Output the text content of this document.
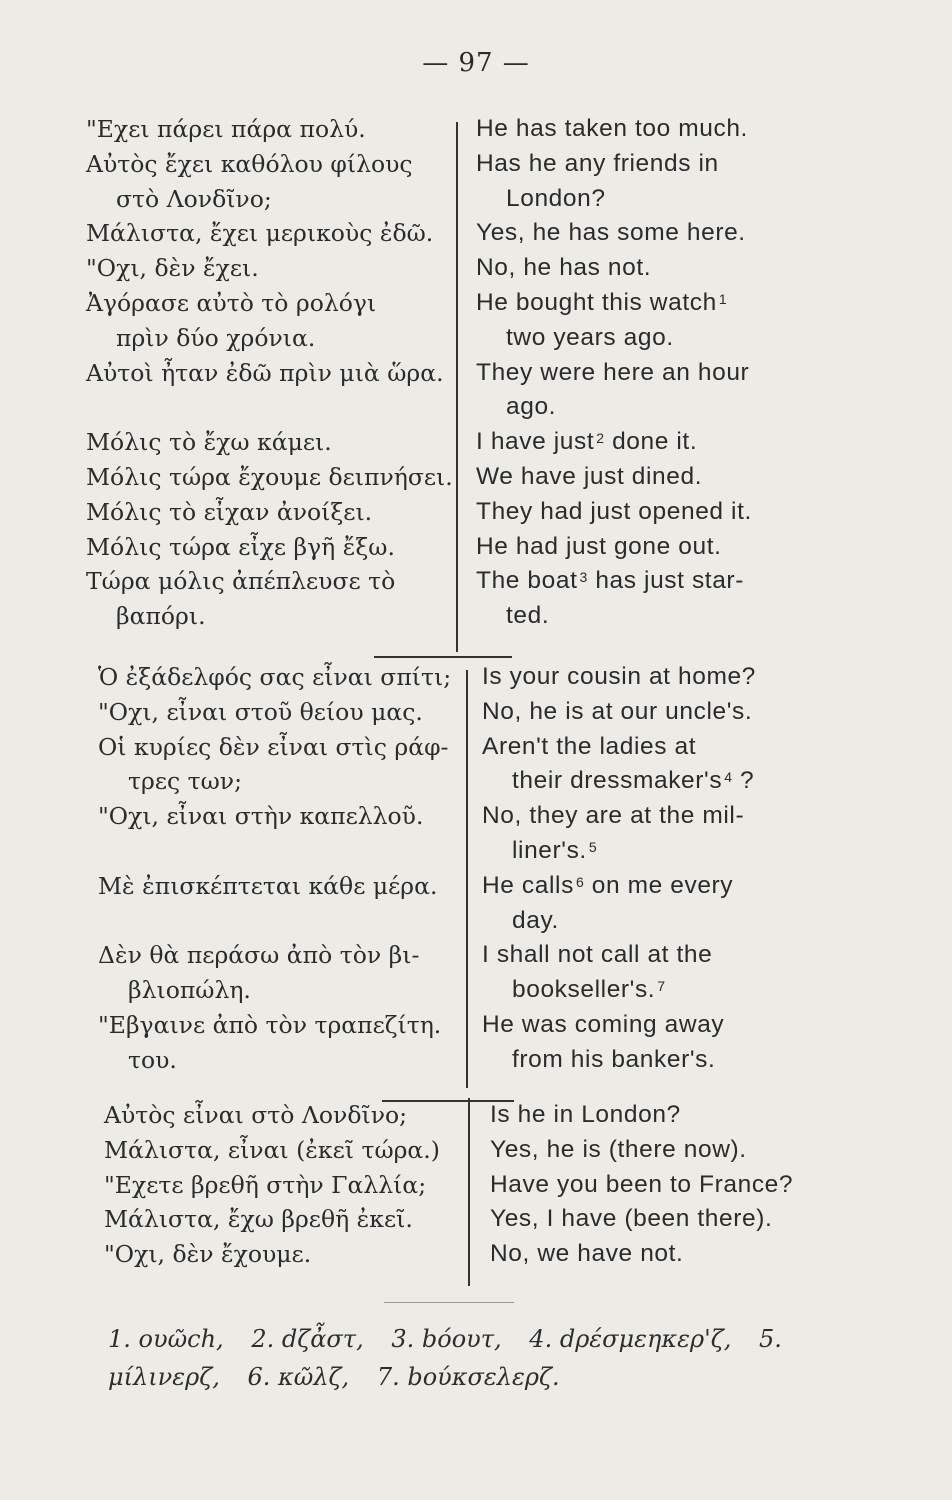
— 97 —
"Εχει πάρει πάρα πολύ.
Αὐτὸς ἔχει καθόλου φίλους
στὸ Λονδῖνο;
Μάλιστα, ἔχει μερικοὺς ἐδῶ.
"Οχι, δὲν ἔχει.
Ἀγόρασε αὐτὸ τὸ ρολόγι
πρὶν δύο χρόνια.
Αὐτοὶ ἦταν ἐδῶ πρὶν μιὰ ὥρα.
Μόλις τὸ ἔχω κάμει.
Μόλις τώρα ἔχουμε δειπνήσει.
Μόλις τὸ εἶχαν ἀνοίξει.
Μόλις τώρα εἶχε βγῆ ἔξω.
Τώρα μόλις ἀπέπλευσε τὸ
βαπόρι.
He has taken too much.
Has he any friends in
London?
Yes, he has some here.
No, he has not.
He bought this watch $^1$
two years ago.
They were here an hour
ago.
I have just $^2$ done it.
We have just dined.
They had just opened it.
He had just gone out.
The boat $^3$ has just star-
ted.
Ὁ ἐξάδελφός σας εἶναι σπίτι;
"Οχι, εἶναι στοῦ θείου μας.
Οἱ κυρίες δὲν εἶναι στὶς ράφ-
τρες των;
"Οχι, εἶναι στὴν καπελλοῦ.
Μὲ ἐπισκέπτεται κάθε μέρα.
Δὲν θὰ περάσω ἀπὸ τὸν βι-
βλιοπώλη.
"Εβγαινε ἀπὸ τὸν τραπεζίτη.
του.
Is your cousin at home?
No, he is at our uncle's.
Aren't the ladies at
their dressmaker's $^4$ ?
No, they are at the mil-
liner's. $^5$
He calls $^6$ on me every
day.
I shall not call at the
bookseller's. $^7$
He was coming away
from his banker's.
Αὐτὸς εἶναι στὸ Λονδῖνο;
Μάλιστα, εἶναι (ἐκεῖ τώρα.)
"Εχετε βρεθῆ στὴν Γαλλία;
Μάλιστα, ἔχω βρεθῆ ἐκεῖ.
"Οχι, δὲν ἔχουμε.
Is he in London?
Yes, he is (there now).
Have you been to France?
Yes, I have (been there).
No, we have not.
1. ουῶch, 2. dζἆστ, 3. bόουτ, 4. dρέσμεηκερ'ζ, 5. μίλινερζ, 6. κῶλζ, 7. bούκσελερζ.
